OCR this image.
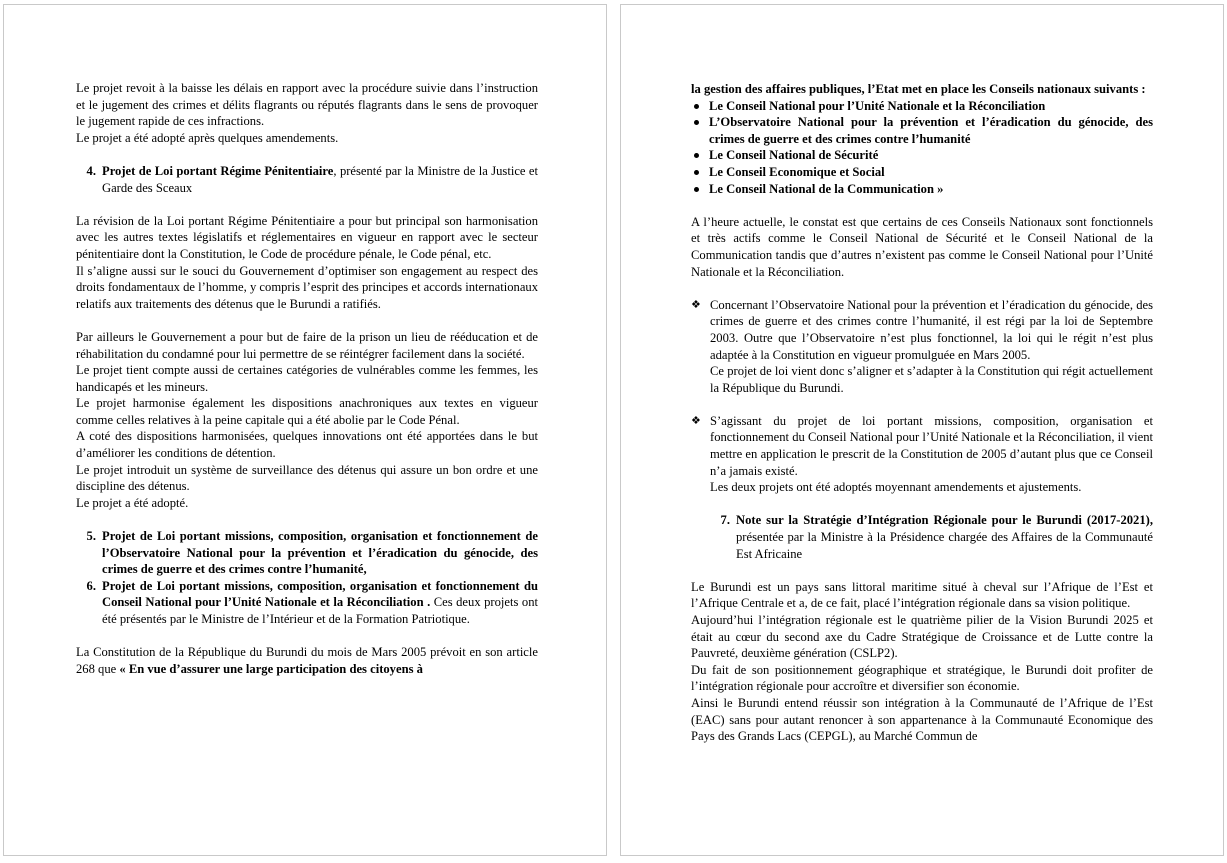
Le projet revoit à la baisse les délais en rapport avec la procédure suivie dans l’instruction et le jugement des crimes et délits flagrants ou réputés flagrants dans le sens de provoquer le jugement rapide de ces infractions.

Le projet a été adopté après quelques amendements.

4. Projet de Loi portant Régime Pénitentiaire, présenté par la Ministre de la Justice et Garde des Sceaux

La révision de la Loi portant Régime Pénitentiaire a pour but principal son harmonisation avec les autres textes législatifs et réglementaires en vigueur en rapport avec le secteur pénitentiaire dont la Constitution, le Code de procédure pénale, le Code pénal, etc.

Il s’aligne aussi sur le souci du Gouvernement d’optimiser son engagement au respect des droits fondamentaux de l’homme, y compris l’esprit des principes et accords internationaux relatifs aux traitements des détenus que le Burundi a ratifiés.

Par ailleurs le Gouvernement a pour but de faire de la prison un lieu de rééducation et de réhabilitation du condamné pour lui permettre de se réintégrer facilement dans la société.

Le projet tient compte aussi de certaines catégories de vulnérables comme les femmes, les handicapés et les mineurs.

Le projet harmonise également les dispositions anachroniques aux textes en vigueur comme celles relatives à la peine capitale qui a été abolie par le Code Pénal.

A coté des dispositions harmonisées, quelques innovations ont été apportées dans le but d’améliorer les conditions de détention.

Le projet introduit un système de surveillance des détenus qui assure un bon ordre et une discipline des détenus.

Le projet a été adopté.

5. Projet de Loi portant missions, composition, organisation et fonctionnement de l’Observatoire National pour la prévention et l’éradication du génocide, des crimes de guerre et des crimes contre l’humanité,
6. Projet de Loi portant missions, composition, organisation et fonctionnement du Conseil National pour l’Unité Nationale et la Réconciliation . Ces deux projets ont été présentés par le Ministre de l’Intérieur et de la Formation Patriotique.

La Constitution de la République du Burundi du mois de Mars 2005 prévoit en son article 268 que « En vue d’assurer une large participation des citoyens à

la gestion des affaires publiques, l’Etat met en place les Conseils nationaux suivants :

Le Conseil National pour l’Unité Nationale et la Réconciliation
L’Observatoire National pour la prévention et l’éradication du génocide, des crimes de guerre et des crimes contre l’humanité
Le Conseil National de Sécurité
Le Conseil Economique et Social
Le Conseil National de la Communication »

A l’heure actuelle, le constat est que certains de ces Conseils Nationaux sont fonctionnels et très actifs comme le Conseil National de Sécurité et le Conseil National de la Communication tandis que d’autres n’existent pas comme le Conseil National pour l’Unité Nationale et la Réconciliation.

❖ Concernant l’Observatoire National pour la prévention et l’éradication du génocide, des crimes de guerre et des crimes contre l’humanité, il est régi par la loi de Septembre 2003. Outre que l’Observatoire n’est plus fonctionnel, la loi qui le régit n’est plus adaptée à la Constitution en vigueur promulguée en Mars 2005.

Ce projet de loi vient donc s’aligner et s’adapter à la Constitution qui régit actuellement la République du Burundi.

❖ S’agissant du projet de loi portant missions, composition, organisation et fonctionnement du Conseil National pour l’Unité Nationale et la Réconciliation, il vient mettre en application le prescrit de la Constitution de 2005 d’autant plus que ce Conseil n’a jamais existé.

Les deux projets ont été adoptés moyennant amendements et ajustements.

7. Note sur la Stratégie d’Intégration Régionale pour le Burundi (2017-2021), présentée par la Ministre à la Présidence chargée des Affaires de la Communauté Est Africaine

Le Burundi est un pays sans littoral maritime situé à cheval sur l’Afrique de l’Est et l’Afrique Centrale et a, de ce fait, placé l’intégration régionale dans sa vision politique.

Aujourd’hui l’intégration régionale est le quatrième pilier de la Vision Burundi 2025 et était au cœur du second axe du Cadre Stratégique de Croissance et de Lutte contre la Pauvreté, deuxième génération (CSLP2).

Du fait de son positionnement géographique et stratégique, le Burundi doit profiter de l’intégration régionale pour accroître et diversifier son économie.

Ainsi le Burundi entend réussir son intégration à la Communauté de l’Afrique de l’Est (EAC) sans pour autant renoncer à son appartenance à la Communauté Economique des Pays des Grands Lacs (CEPGL), au Marché Commun de
